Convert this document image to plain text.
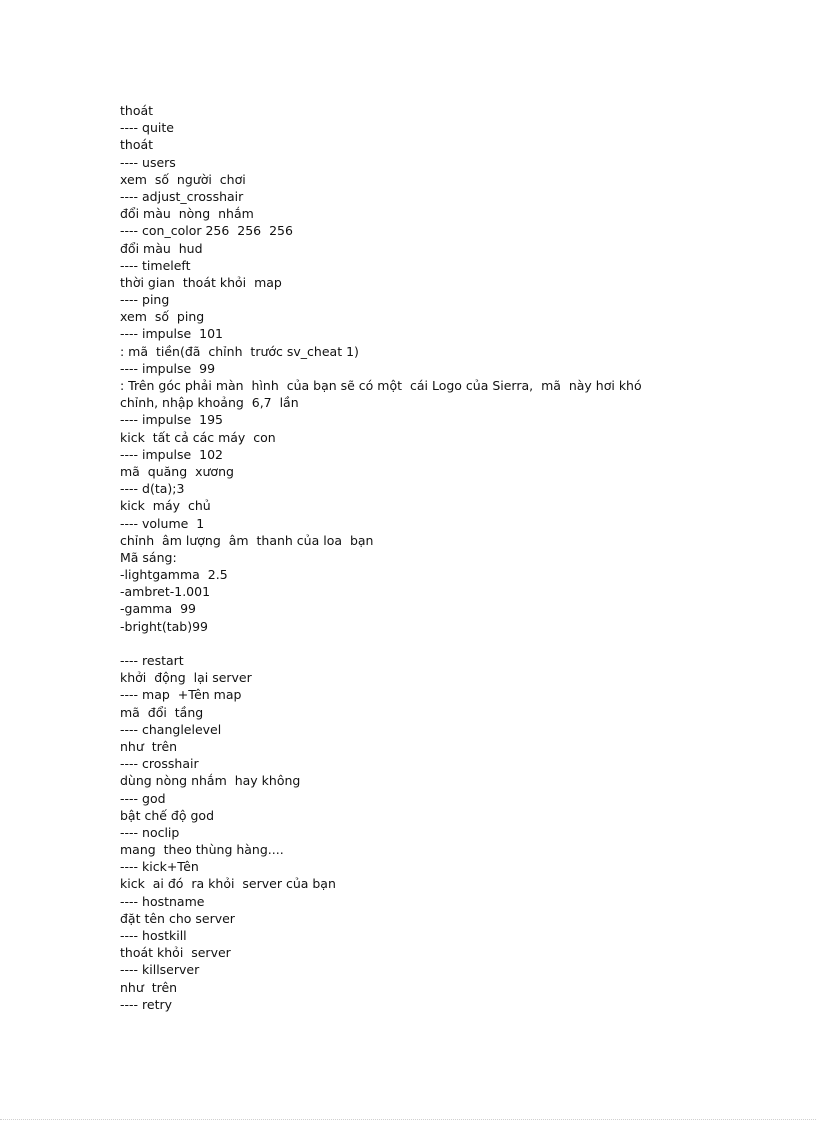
thoát
---- quite
thoát
---- users
xem  số  người  chơi
---- adjust_crosshair
đổi màu  nòng  nhắm
---- con_color 256  256  256
đổi màu  hud
---- timeleft
thời gian  thoát khỏi  map
---- ping
xem  số  ping
---- impulse  101
: mã  tiền(đã  chỉnh  trước sv_cheat 1)
---- impulse  99
: Trên góc phải màn  hình  của bạn sẽ có một  cái Logo của Sierra,  mã  này hơi khó
chỉnh, nhập khoảng  6,7  lần
---- impulse  195
kick  tất cả các máy  con
---- impulse  102
mã  quăng  xương
---- d(ta);3
kick  máy  chủ
---- volume  1
chỉnh  âm lượng  âm  thanh của loa  bạn
Mã sáng:
-lightgamma  2.5
-ambret-1.001
-gamma  99
-bright(tab)99
---- restart
khởi  động  lại server
---- map  +Tên map
mã  đổi  tầng
---- changlelevel
như  trên
---- crosshair
dùng nòng nhắm  hay không
---- god
bật chế độ god
---- noclip
mang  theo thùng hàng....
---- kick+Tên
kick  ai đó  ra khỏi  server của bạn
---- hostname
đặt tên cho server
---- hostkill
thoát khỏi  server
---- killserver
như  trên
---- retry
